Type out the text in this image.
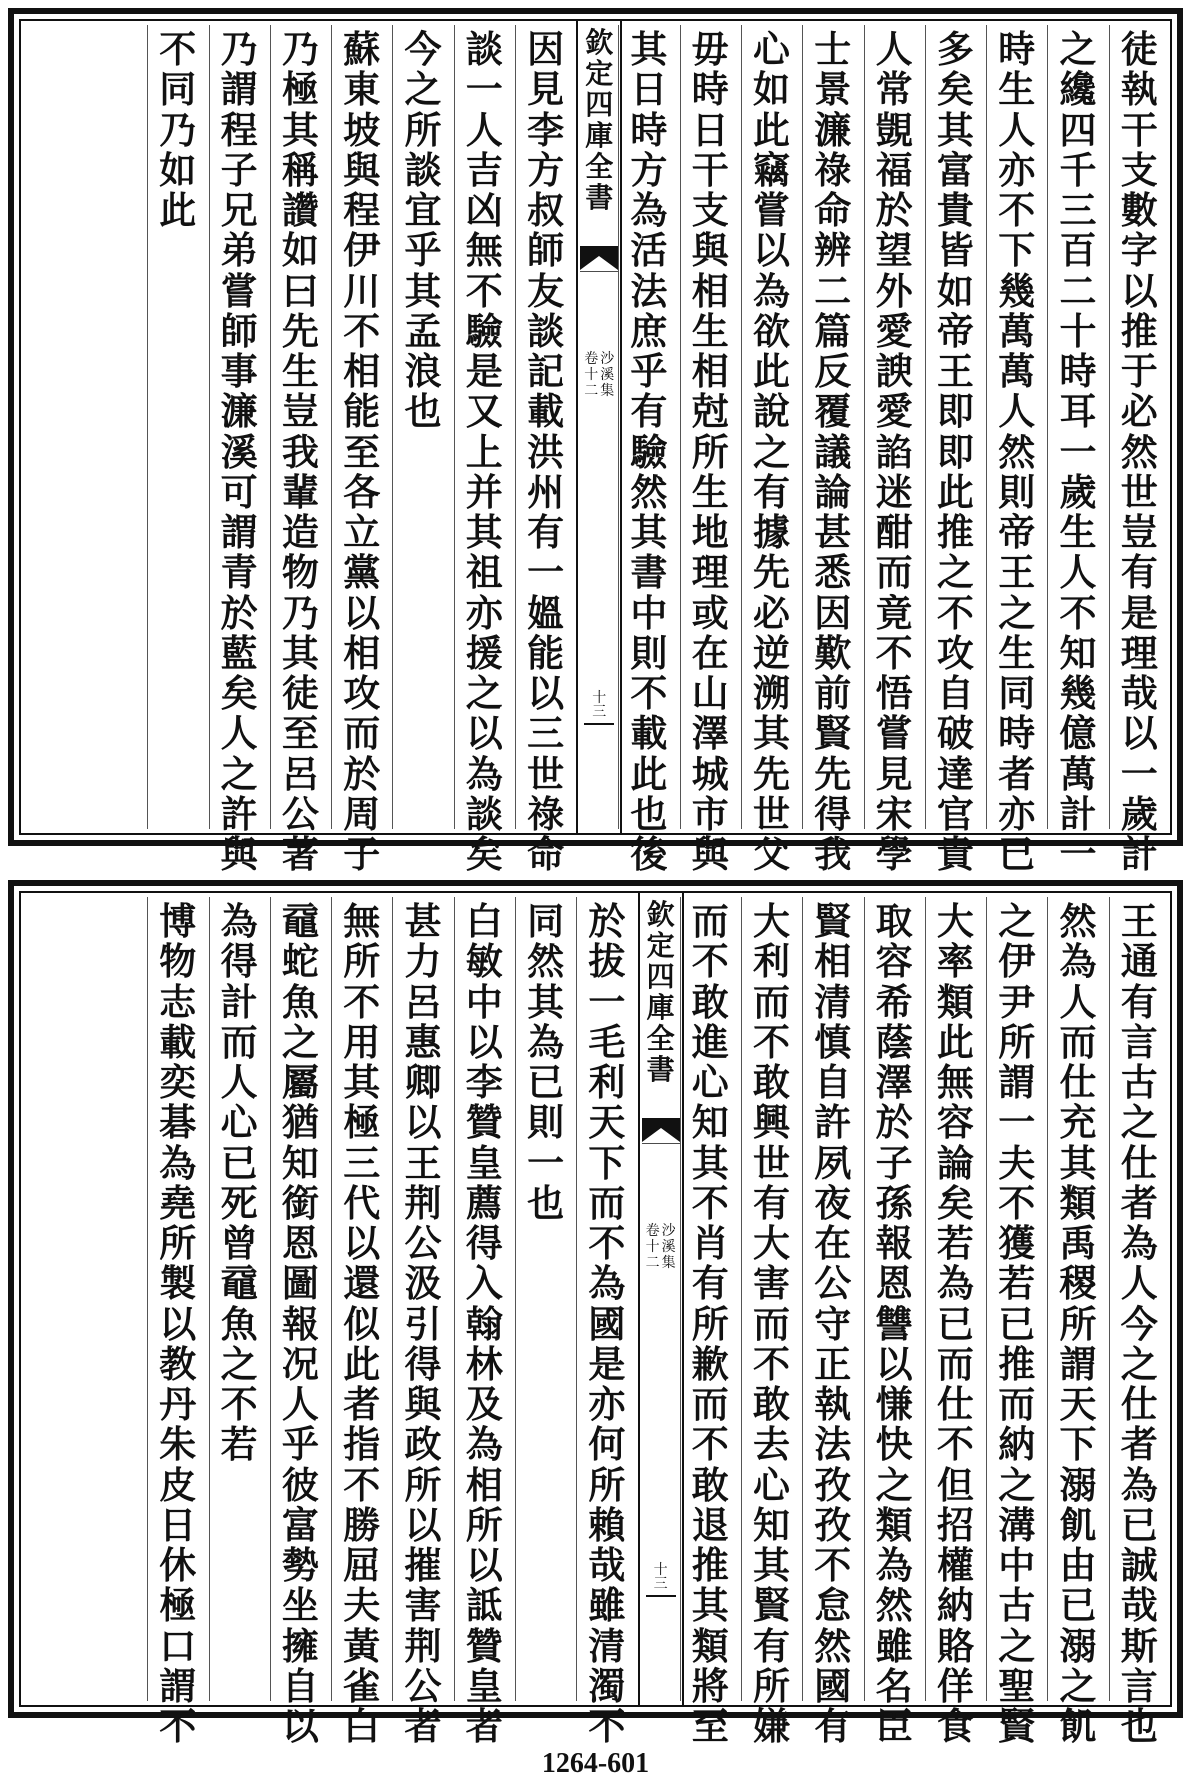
徒
執
干
支
數
字
以
推
于
必
然
世
豈
有
是
理
哉
以
一
歲
計
之
纔
四
千
三
百
二
十
時
耳
一
歲
生
人
不
知
幾
億
萬
計
一
時
生
人
亦
不
下
幾
萬
萬
人
然
則
帝
王
之
生
同
時
者
亦
已
多
矣
其
富
貴
皆
如
帝
王
即
即
此
推
之
不
攻
自
破
達
官
貴
人
常
覬
福
於
望
外
愛
諛
愛
諂
迷
酣
而
竟
不
悟
嘗
見
宋
學
士
景
濂
祿
命
辨
二
篇
反
覆
議
論
甚
悉
因
歎
前
賢
先
得
我
心
如
此
竊
嘗
以
為
欲
此
說
之
有
據
先
必
逆
溯
其
先
世
父
毋
時
日
干
支
與
相
生
相
尅
所
生
地
理
或
在
山
澤
城
市
與
其
日
時
方
為
活
法
庶
乎
有
驗
然
其
書
中
則
不
載
此
也
後
欽
定
四
庫
全
書
沙
溪
集
卷
十
二
十
三
因
見
李
方
叔
師
友
談
記
載
洪
州
有
一
媼
能
以
三
世
祿
命
談
一
人
吉
凶
無
不
驗
是
又
上
并
其
祖
亦
援
之
以
為
談
矣
今
之
所
談
宜
乎
其
孟
浪
也
蘇
東
坡
與
程
伊
川
不
相
能
至
各
立
黨
以
相
攻
而
於
周
子
乃
極
其
稱
讚
如
曰
先
生
豈
我
輩
造
物
乃
其
徒
至
呂
公
著
乃
謂
程
子
兄
弟
嘗
師
事
濂
溪
可
謂
青
於
藍
矣
人
之
許
與
不
同
乃
如
此
王
通
有
言
古
之
仕
者
為
人
今
之
仕
者
為
已
誠
哉
斯
言
也
然
為
人
而
仕
充
其
類
禹
稷
所
謂
天
下
溺
飢
由
已
溺
之
飢
之
伊
尹
所
謂
一
夫
不
獲
若
已
推
而
納
之
溝
中
古
之
聖
賢
大
率
類
此
無
容
論
矣
若
為
已
而
仕
不
但
招
權
納
賂
佯
食
取
容
希
蔭
澤
於
子
孫
報
恩
讐
以
慊
快
之
類
為
然
雖
名
臣
賢
相
清
慎
自
許
夙
夜
在
公
守
正
執
法
孜
孜
不
怠
然
國
有
大
利
而
不
敢
興
世
有
大
害
而
不
敢
去
心
知
其
賢
有
所
嫌
而
不
敢
進
心
知
其
不
肖
有
所
歉
而
不
敢
退
推
其
類
將
至
欽
定
四
庫
全
書
沙
溪
集
卷
十
二
十
三
於
拔
一
毛
利
天
下
而
不
為
國
是
亦
何
所
賴
哉
雖
清
濁
不
同
然
其
為
已
則
一
也
白
敏
中
以
李
贊
皇
薦
得
入
翰
林
及
為
相
所
以
詆
贊
皇
者
甚
力
呂
惠
卿
以
王
荆
公
汲
引
得
與
政
所
以
摧
害
荆
公
者
無
所
不
用
其
極
三
代
以
還
似
此
者
指
不
勝
屈
夫
黃
雀
白
黿
蛇
魚
之
屬
猶
知
銜
恩
圖
報
况
人
乎
彼
富
勢
坐
擁
自
以
為
得
計
而
人
心
已
死
曾
黿
魚
之
不
若
博
物
志
載
奕
碁
為
堯
所
製
以
教
丹
朱
皮
日
休
極
口
謂
不
1264-601
